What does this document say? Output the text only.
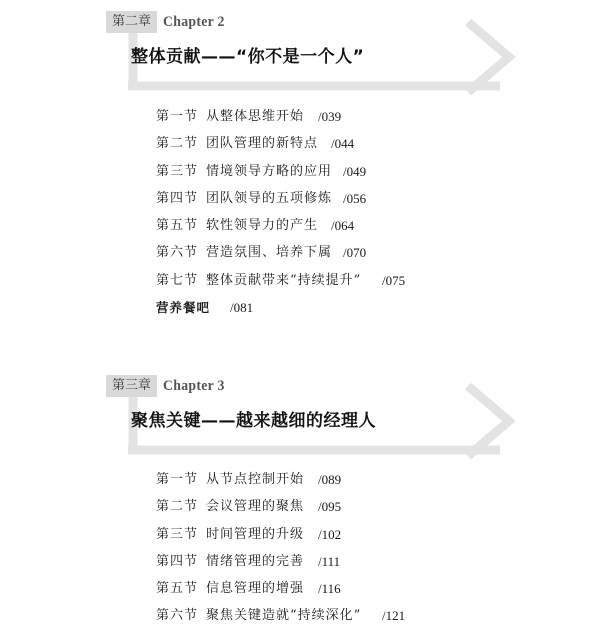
第二章 Chapter 2
整体贡献——“你不是一个人”
第一节 从整体思维开始 /039
第二节 团队管理的新特点 /044
第三节 情境领导方略的应用 /049
第四节 团队领导的五项修炼 /056
第五节 软性领导力的产生 /064
第六节 营造氛围、培养下属 /070
第七节 整体贡献带来“持续提升” /075
营养餐吧 /081
第三章 Chapter 3
聚焦关键——越来越细的经理人
第一节 从节点控制开始 /089
第二节 会议管理的聚焦 /095
第三节 时间管理的升级 /102
第四节 情绪管理的完善 /111
第五节 信息管理的增强 /116
第六节 聚焦关键造就“持续深化” /121
